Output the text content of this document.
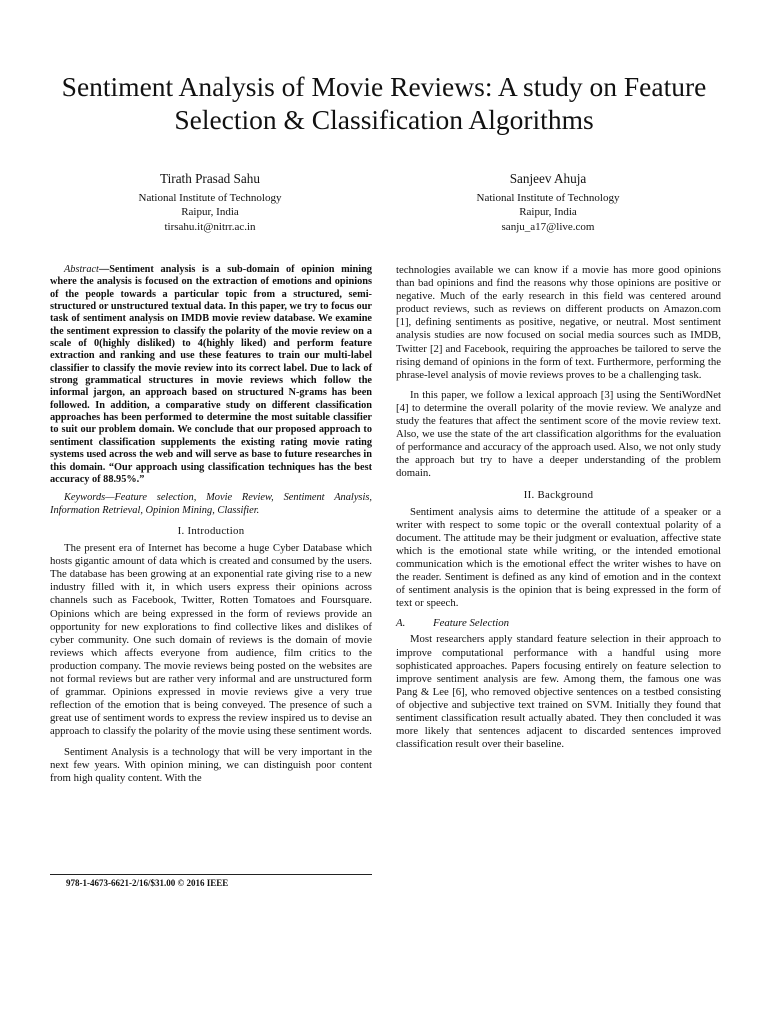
Sentiment Analysis of Movie Reviews: A study on Feature Selection & Classification Algorithms
Tirath Prasad Sahu
National Institute of Technology
Raipur, India
tirsahu.it@nitrr.ac.in
Sanjeev Ahuja
National Institute of Technology
Raipur, India
sanju_a17@live.com

Abstract—Sentiment analysis is a sub-domain of opinion mining where the analysis is focused on the extraction of emotions and opinions of the people towards a particular topic from a structured, semi-structured or unstructured textual data. In this paper, we try to focus our task of sentiment analysis on IMDB movie review database. We examine the sentiment expression to classify the polarity of the movie review on a scale of 0(highly disliked) to 4(highly liked) and perform feature extraction and ranking and use these features to train our multi-label classifier to classify the movie review into its correct label. Due to lack of strong grammatical structures in movie reviews which follow the informal jargon, an approach based on structured N-grams has been followed. In addition, a comparative study on different classification approaches has been performed to determine the most suitable classifier to suit our problem domain. We conclude that our proposed approach to sentiment classification supplements the existing rating movie rating systems used across the web and will serve as base to future researches in this domain. “Our approach using classification techniques has the best accuracy of 88.95%.”

Keywords—Feature selection, Movie Review, Sentiment Analysis, Information Retrieval, Opinion Mining, Classifier.

I. Introduction

The present era of Internet has become a huge Cyber Database which hosts gigantic amount of data which is created and consumed by the users. The database has been growing at an exponential rate giving rise to a new industry filled with it, in which users express their opinions across channels such as Facebook, Twitter, Rotten Tomatoes and Foursquare. Opinions which are being expressed in the form of reviews provide an opportunity for new explorations to find collective likes and dislikes of cyber community. One such domain of reviews is the domain of movie reviews which affects everyone from audience, film critics to the production company. The movie reviews being posted on the websites are not formal reviews but are rather very informal and are unstructured form of grammar. Opinions expressed in movie reviews give a very true reflection of the emotion that is being conveyed. The presence of such a great use of sentiment words to express the review inspired us to devise an approach to classify the polarity of the movie using these sentiment words.

Sentiment Analysis is a technology that will be very important in the next few years. With opinion mining, we can distinguish poor content from high quality content. With the

technologies available we can know if a movie has more good opinions than bad opinions and find the reasons why those opinions are positive or negative. Much of the early research in this field was centered around product reviews, such as reviews on different products on Amazon.com [1], defining sentiments as positive, negative, or neutral. Most sentiment analysis studies are now focused on social media sources such as IMDB, Twitter [2] and Facebook, requiring the approaches be tailored to serve the rising demand of opinions in the form of text. Furthermore, performing the phrase-level analysis of movie reviews proves to be a challenging task.

In this paper, we follow a lexical approach [3] using the SentiWordNet [4] to determine the overall polarity of the movie review. We analyze and study the features that affect the sentiment score of the movie review text. Also, we use the state of the art classification algorithms for the evaluation of performance and accuracy of the approach used. Also, we not only study the approach but try to have a deeper understanding of the problem domain.

II. Background

Sentiment analysis aims to determine the attitude of a speaker or a writer with respect to some topic or the overall contextual polarity of a document. The attitude may be their judgment or evaluation, affective state which is the emotional state while writing, or the intended emotional communication which is the emotional effect the writer wishes to have on the reader. Sentiment is defined as any kind of emotion and in the context of sentiment analysis is the opinion that is being expressed in the form of text or speech.

A.	Feature Selection

Most researchers apply standard feature selection in their approach to improve computational performance with a handful using more sophisticated approaches. Papers focusing entirely on feature selection to improve sentiment analysis are few. Among them, the famous one was Pang & Lee [6], who removed objective sentences on a testbed consisting of objective and subjective text trained on SVM. Initially they found that sentiment classification result actually abated. They then concluded it was more likely that sentences adjacent to discarded sentences improved classification result over their baseline.

978-1-4673-6621-2/16/$31.00 © 2016 IEEE
